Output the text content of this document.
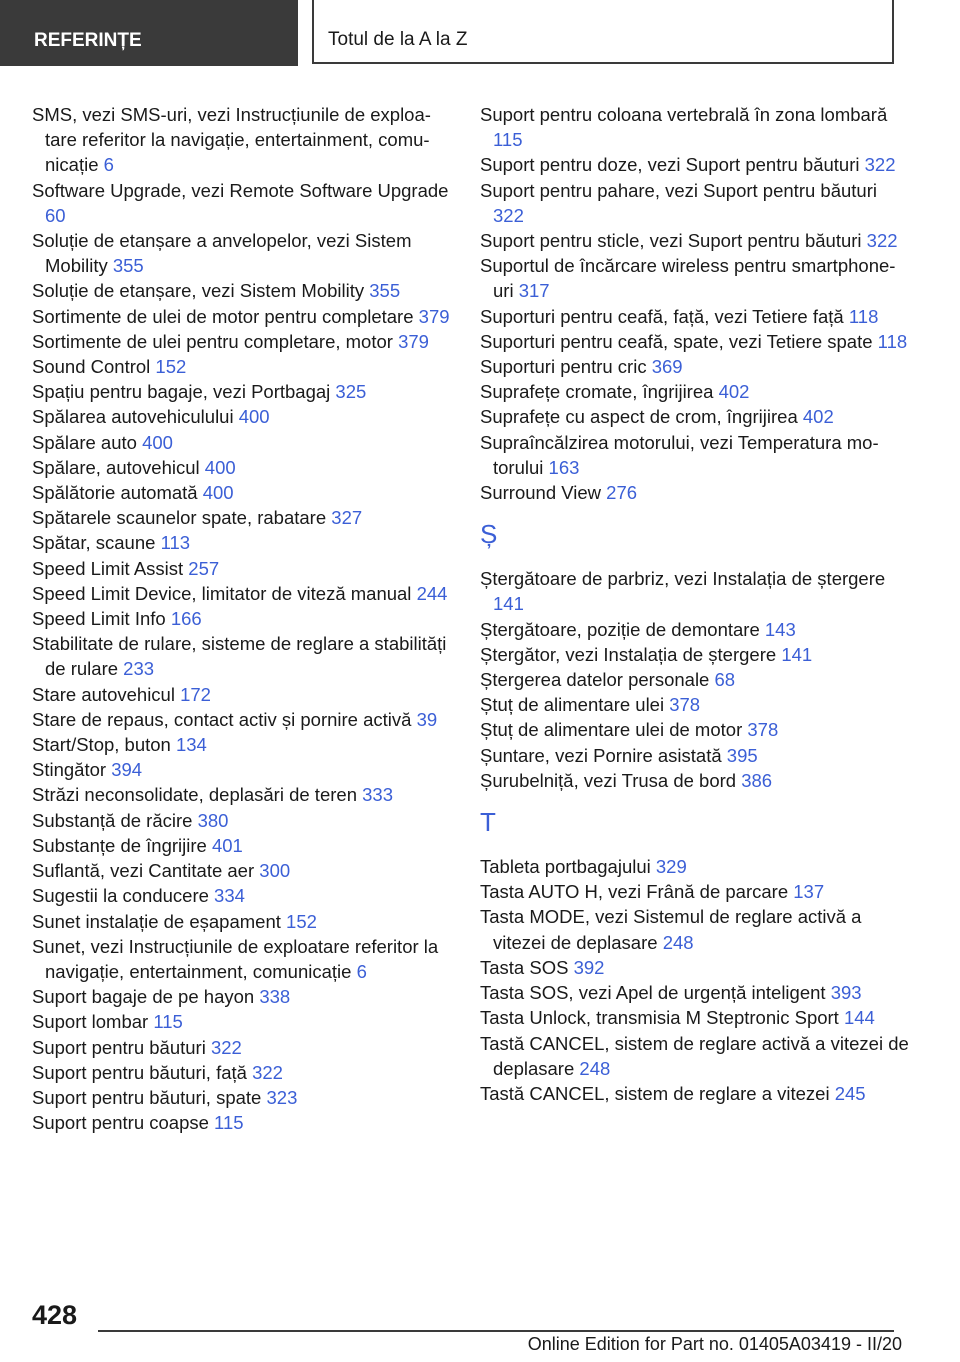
REFERINȚE	Totul de la A la Z

SMS, vezi SMS-uri, vezi Instrucțiunile de exploatare referitor la navigație, entertainment, comunicație 6

Software Upgrade, vezi Remote Software Upgrade 60

Soluție de etanșare a anvelopelor, vezi Sistem Mobility 355

Soluție de etanșare, vezi Sistem Mobility 355

Sortimente de ulei de motor pentru completare 379

Sortimente de ulei pentru completare, motor 379

Sound Control 152

Spațiu pentru bagaje, vezi Portbagaj 325

Spălarea autovehiculului 400

Spălare auto 400

Spălare, autovehicul 400

Spălătorie automată 400

Spătarele scaunelor spate, rabatare 327

Spătar, scaune 113

Speed Limit Assist 257

Speed Limit Device, limitator de viteză manual 244

Speed Limit Info 166

Stabilitate de rulare, sisteme de reglare a stabilități de rulare 233

Stare autovehicul 172

Stare de repaus, contact activ și pornire activă 39

Start/Stop, buton 134

Stingător 394

Străzi neconsolidate, deplasări de teren 333

Substanță de răcire 380

Substanțe de îngrijire 401

Suflantă, vezi Cantitate aer 300

Sugestii la conducere 334

Sunet instalație de eșapament 152

Sunet, vezi Instrucțiunile de exploatare referitor la navigație, entertainment, comunicație 6

Suport bagaje de pe hayon 338

Suport lombar 115

Suport pentru băuturi 322

Suport pentru băuturi, față 322

Suport pentru băuturi, spate 323

Suport pentru coapse 115

Suport pentru coloana vertebrală în zona lombară 115

Suport pentru doze, vezi Suport pentru băuturi 322

Suport pentru pahare, vezi Suport pentru băuturi 322

Suport pentru sticle, vezi Suport pentru băuturi 322

Suportul de încărcare wireless pentru smartphone-uri 317

Suporturi pentru ceafă, față, vezi Tetiere față 118

Suporturi pentru ceafă, spate, vezi Tetiere spate 118

Suporturi pentru cric 369

Suprafețe cromate, îngrijirea 402

Suprafețe cu aspect de crom, îngrijirea 402

Supraîncălzirea motorului, vezi Temperatura motorului 163

Surround View 276

Ș

Ștergătoare de parbriz, vezi Instalația de ștergere 141

Ștergătoare, poziție de demontare 143

Ștergător, vezi Instalația de ștergere 141

Ștergerea datelor personale 68

Ștuț de alimentare ulei 378

Ștuț de alimentare ulei de motor 378

Șuntare, vezi Pornire asistată 395

Șurubelniță, vezi Trusa de bord 386

T

Tableta portbagajului 329

Tasta AUTO H, vezi Frână de parcare 137

Tasta MODE, vezi Sistemul de reglare activă a vitezei de deplasare 248

Tasta SOS 392

Tasta SOS, vezi Apel de urgență inteligent 393

Tasta Unlock, transmisia M Steptronic Sport 144

Tastă CANCEL, sistem de reglare activă a vitezei de deplasare 248

Tastă CANCEL, sistem de reglare a vitezei 245

428
Online Edition for Part no. 01405A03419 - II/20
